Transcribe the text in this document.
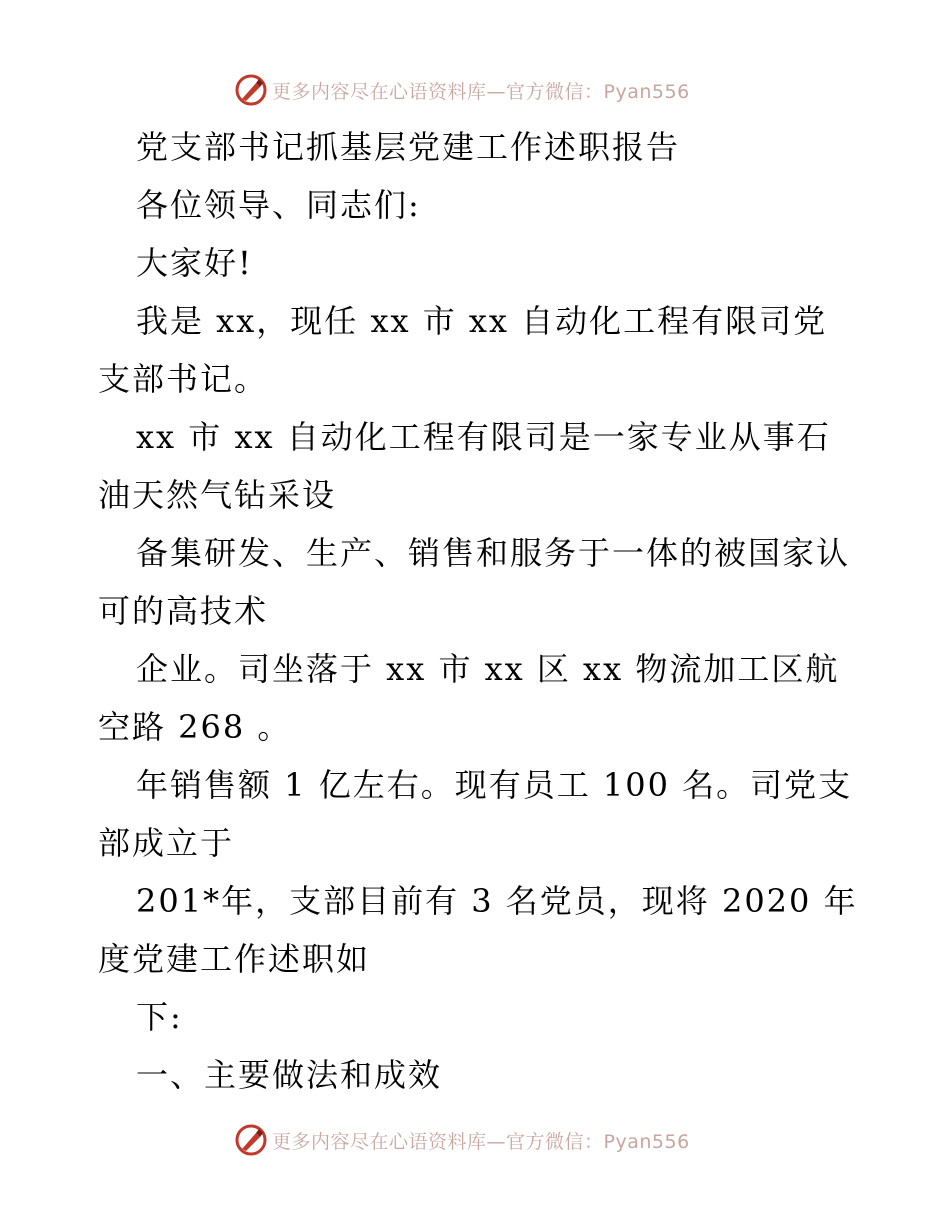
更多内容尽在心语资料库—官方微信：Pyan556
党支部书记抓基层党建工作述职报告
各位领导、同志们:
大家好!
我是 xx，现任 xx 市 xx 自动化工程有限司党
支部书记。
xx 市 xx 自动化工程有限司是一家专业从事石
油天然气钻采设
备集研发、生产、销售和服务于一体的被国家认
可的高技术
企业。司坐落于 xx 市 xx 区 xx 物流加工区航
空路 268 。
年销售额 1 亿左右。现有员工 100 名。司党支
部成立于
201*年，支部目前有 3 名党员，现将 2020 年
度党建工作述职如
下:
一、主要做法和成效
更多内容尽在心语资料库—官方微信：Pyan556
